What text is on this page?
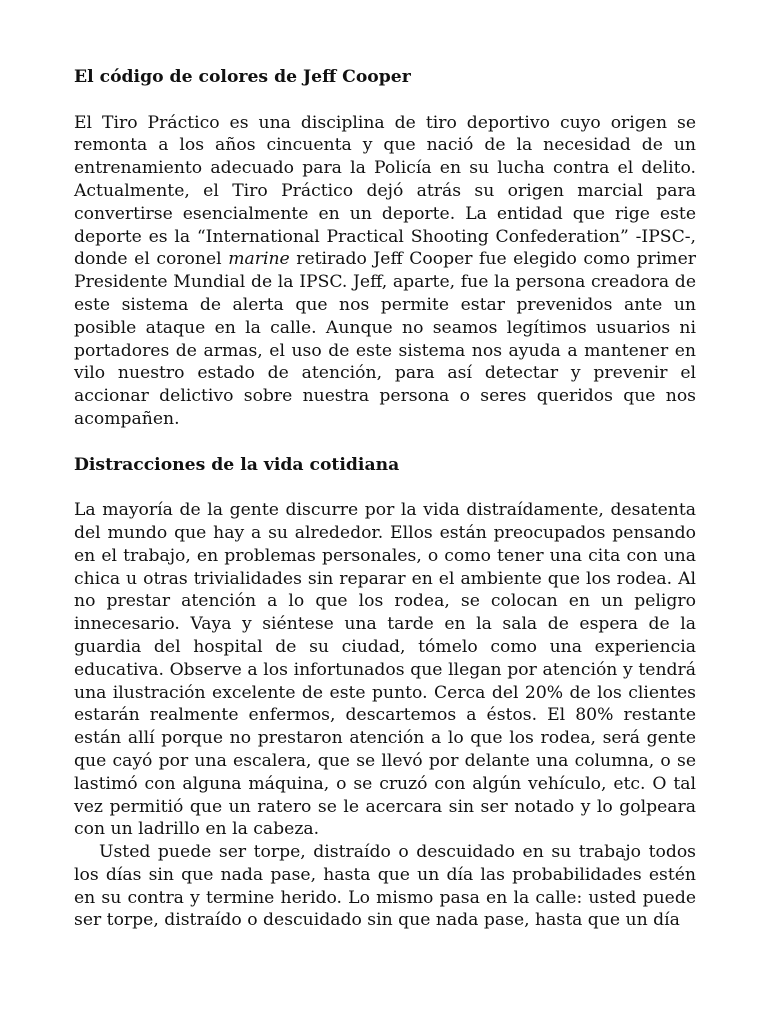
El código de colores de Jeff Cooper

El Tiro Práctico es una disciplina de tiro deportivo cuyo origen se remonta a los años cincuenta y que nació de la necesidad de un entrenamiento adecuado para la Policía en su lucha contra el delito. Actualmente, el Tiro Práctico dejó atrás su origen marcial para convertirse esencialmente en un deporte. La entidad que rige este deporte es la “International Practical Shooting Confederation” -IPSC-, donde el coronel marine retirado Jeff Cooper fue elegido como primer Presidente Mundial de la IPSC. Jeff, aparte, fue la persona creadora de este sistema de alerta que nos permite estar prevenidos ante un posible ataque en la calle. Aunque no seamos legítimos usuarios ni portadores de armas, el uso de este sistema nos ayuda a mantener en vilo nuestro estado de atención, para así detectar y prevenir el accionar delictivo sobre nuestra persona o seres queridos que nos acompañen.

Distracciones de la vida cotidiana

La mayoría de la gente discurre por la vida distraídamente, desatenta del mundo que hay a su alrededor. Ellos están preocupados pensando en el trabajo, en problemas personales, o como tener una cita con una chica u otras trivialidades sin reparar en el ambiente que los rodea. Al no prestar atención a lo que los rodea, se colocan en un peligro innecesario. Vaya y siéntese una tarde en la sala de espera de la guardia del hospital de su ciudad, tómelo como una experiencia educativa. Observe a los infortunados que llegan por atención y tendrá una ilustración excelente de este punto. Cerca del 20% de los clientes estarán realmente enfermos, descartemos a éstos. El 80% restante están allí porque no prestaron atención a lo que los rodea, será gente que cayó por una escalera, que se llevó por delante una columna, o se lastimó con alguna máquina, o se cruzó con algún vehículo, etc. O tal vez permitió que un ratero se le acercara sin ser notado y lo golpeara con un ladrillo en la cabeza.

Usted puede ser torpe, distraído o descuidado en su trabajo todos los días sin que nada pase, hasta que un día las probabilidades estén en su contra y termine herido. Lo mismo pasa en la calle: usted puede ser torpe, distraído o descuidado sin que nada pase, hasta que un día
